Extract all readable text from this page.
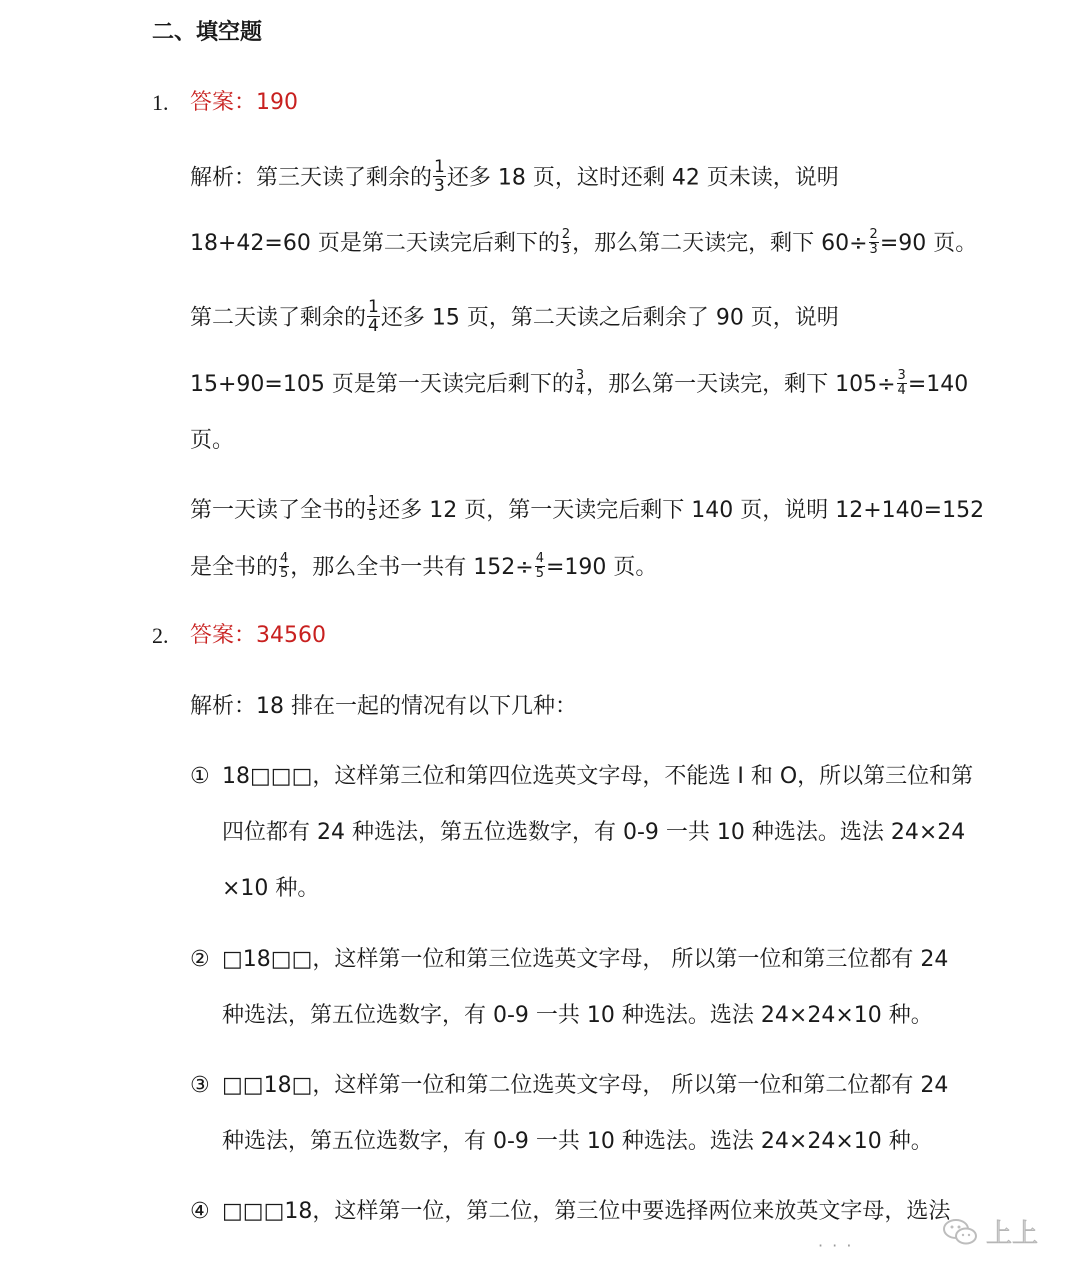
二、填空题
1. 答案：190
解析：第三天读了剩余的 $\frac{1}{3}$ 还多 18 页，这时还剩 42 页未读，说明
18+42=60 页是第二天读完后剩下的 $\frac{2}{3}$ ，那么第二天读完，剩下 $60\div \frac{2}{3} =90$ 页。
第二天读了剩余的 $\frac{1}{4}$ 还多 15 页，第二天读之后剩余了 90 页，说明
15+90=105 页是第一天读完后剩下的 $\frac{3}{4}$ ，那么第一天读完，剩下 $105\div \frac{3}{4} =140$
页。
第一天读了全书的 $\frac{1}{5}$ 还多 12 页，第一天读完后剩下 140 页，说明 12+140=152
是全书的 $\frac{4}{5}$ ，那么全书一共有 $152\div \frac{4}{5} =190$ 页。
2. 答案：34560
解析：18 排在一起的情况有以下几种：
① 18□□□，这样第三位和第四位选英文字母，不能选 I 和 O，所以第三位和第
四位都有 24 种选法，第五位选数字，有 0-9 一共 10 种选法。选法 24×24
×10 种。
② □18□□，这样第一位和第三位选英文字母， 所以第一位和第三位都有 24
种选法，第五位选数字，有 0-9 一共 10 种选法。选法 24×24×10 种。
③ □□18□，这样第一位和第二位选英文字母， 所以第一位和第二位都有 24
种选法，第五位选数字，有 0-9 一共 10 种选法。选法 24×24×10 种。
④ □□□18，这样第一位，第二位，第三位中要选择两位来放英文字母，选法
· · ·	上上
